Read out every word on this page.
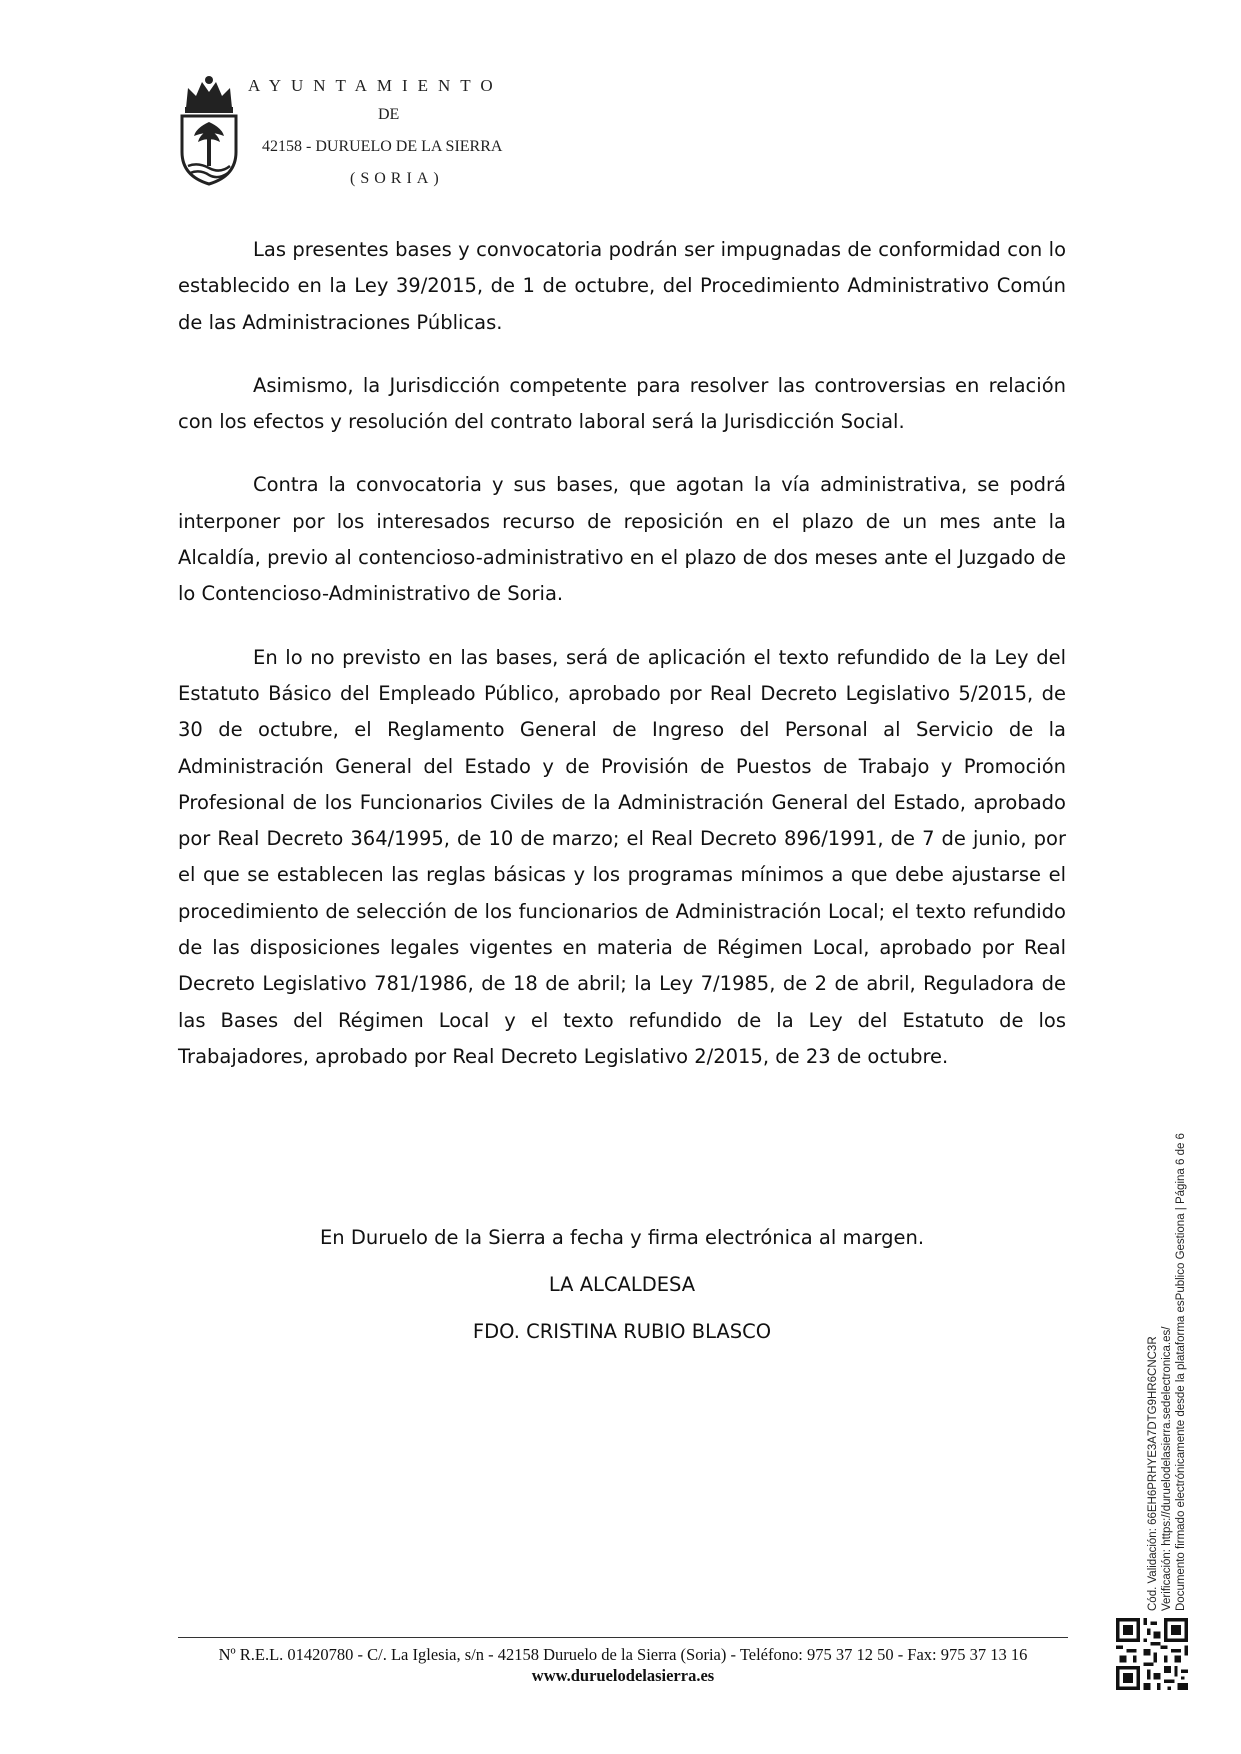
AYUNTAMIENTO
DE
42158 - DURUELO DE LA SIERRA
(SORIA)

Las presentes bases y convocatoria podrán ser impugnadas de conformidad con lo establecido en la Ley 39/2015, de 1 de octubre, del Procedimiento Administrativo Común de las Administraciones Públicas.

Asimismo, la Jurisdicción competente para resolver las controversias en relación con los efectos y resolución del contrato laboral será la Jurisdicción Social.

Contra la convocatoria y sus bases, que agotan la vía administrativa, se podrá interponer por los interesados recurso de reposición en el plazo de un mes ante la Alcaldía, previo al contencioso-administrativo en el plazo de dos meses ante el Juzgado de lo Contencioso-Administrativo de Soria.

En lo no previsto en las bases, será de aplicación el texto refundido de la Ley del Estatuto Básico del Empleado Público, aprobado por Real Decreto Legislativo 5/2015, de 30 de octubre, el Reglamento General de Ingreso del Personal al Servicio de la Administración General del Estado y de Provisión de Puestos de Trabajo y Promoción Profesional de los Funcionarios Civiles de la Administración General del Estado, aprobado por Real Decreto 364/1995, de 10 de marzo; el Real Decreto 896/1991, de 7 de junio, por el que se establecen las reglas básicas y los programas mínimos a que debe ajustarse el procedimiento de selección de los funcionarios de Administración Local; el texto refundido de las disposiciones legales vigentes en materia de Régimen Local, aprobado por Real Decreto Legislativo 781/1986, de 18 de abril; la Ley 7/1985, de 2 de abril, Reguladora de las Bases del Régimen Local y el texto refundido de la Ley del Estatuto de los Trabajadores, aprobado por Real Decreto Legislativo 2/2015, de 23 de octubre.

En Duruelo de la Sierra a fecha y firma electrónica al margen.

LA ALCALDESA

FDO. CRISTINA RUBIO BLASCO

Cód. Validación: 66EH6PRHYE3A7DTG9HR6CNC3R Verificación: https://duruelodelasierra.sedelectronica.es/ Documento firmado electrónicamente desde la plataforma esPublico Gestiona | Página 6 de 6
Nº R.E.L. 01420780 - C/. La Iglesia, s/n - 42158 Duruelo de la Sierra (Soria) - Teléfono: 975 37 12 50 - Fax: 975 37 13 16
www.duruelodelasierra.es
